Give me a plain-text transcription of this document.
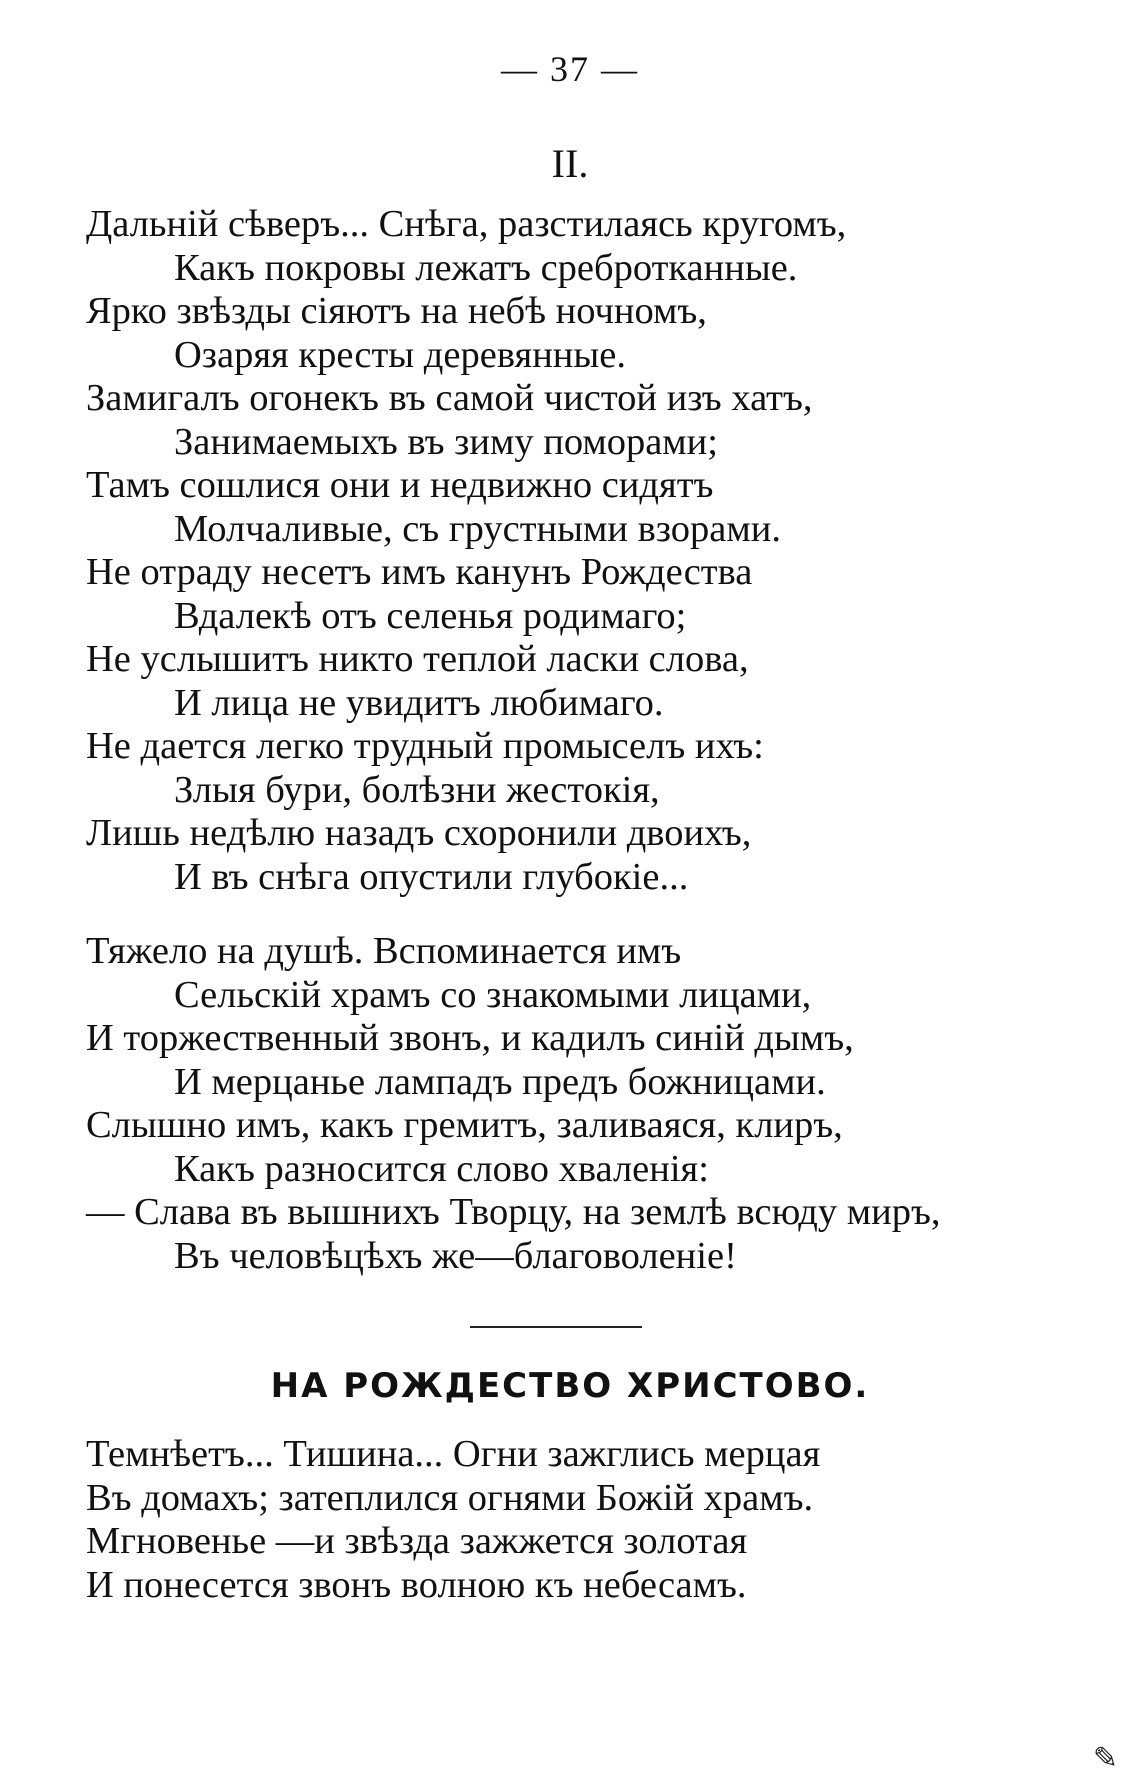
— 37 —
II.
Дальній сѣверъ... Снѣга, разстилаясь кругомъ,
Какъ покровы лежатъ сребротканные.
Ярко звѣзды сіяютъ на небѣ ночномъ,
Озаряя кресты деревянные.
Замигалъ огонекъ въ самой чистой изъ хатъ,
Занимаемыхъ въ зиму поморами;
Тамъ сошлися они и недвижно сидятъ
Молчаливые, съ грустными взорами.
Не отраду несетъ имъ канунъ Рождества
Вдалекѣ отъ селенья родимаго;
Не услышитъ никто теплой ласки слова,
И лица не увидитъ любимаго.
Не дается легко трудный промыселъ ихъ:
Злыя бури, болѣзни жестокія,
Лишь недѣлю назадъ схоронили двоихъ,
И въ снѣга опустили глубокіе...
Тяжело на душѣ. Вспоминается имъ
Сельскій храмъ со знакомыми лицами,
И торжественный звонъ, и кадилъ синій дымъ,
И мерцанье лампадъ предъ божницами.
Слышно имъ, какъ гремитъ, заливаяся, клиръ,
Какъ разносится слово хваленія:
— Слава въ вышнихъ Творцу, на землѣ всюду миръ,
Въ человѣцѣхъ же—благоволеніе!
НА РОЖДЕСТВО ХРИСТОВО.
Темнѣетъ... Тишина... Огни зажглись мерцая
Въ домахъ; затеплился огнями Божій храмъ.
Мгновенье —и звѣзда зажжется золотая
И понесется звонъ волною къ небесамъ.
✎
